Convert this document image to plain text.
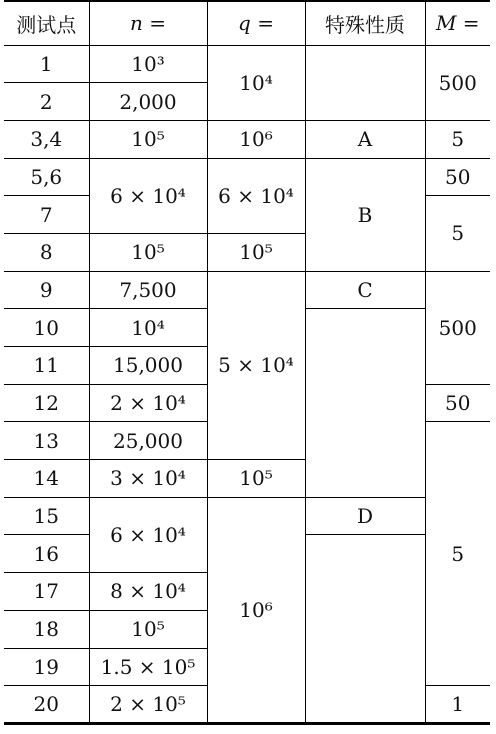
测试点	n =	q =	特殊性质	M =
1	10³	10⁴		500
2	2,000			
3,4	10⁵	10⁶	A	5
5,6	6 × 10⁴	6 × 10⁴	B	50
7				5
8	10⁵	10⁵		
9	7,500	5 × 10⁴	C	500
10	10⁴			
11	15,000			
12	2 × 10⁴			50
13	25,000			5
14	3 × 10⁴	10⁵		
15	6 × 10⁴	10⁶	D	
16				
17	8 × 10⁴			
18	10⁵			
19	1.5 × 10⁵			
20	2 × 10⁵			1
